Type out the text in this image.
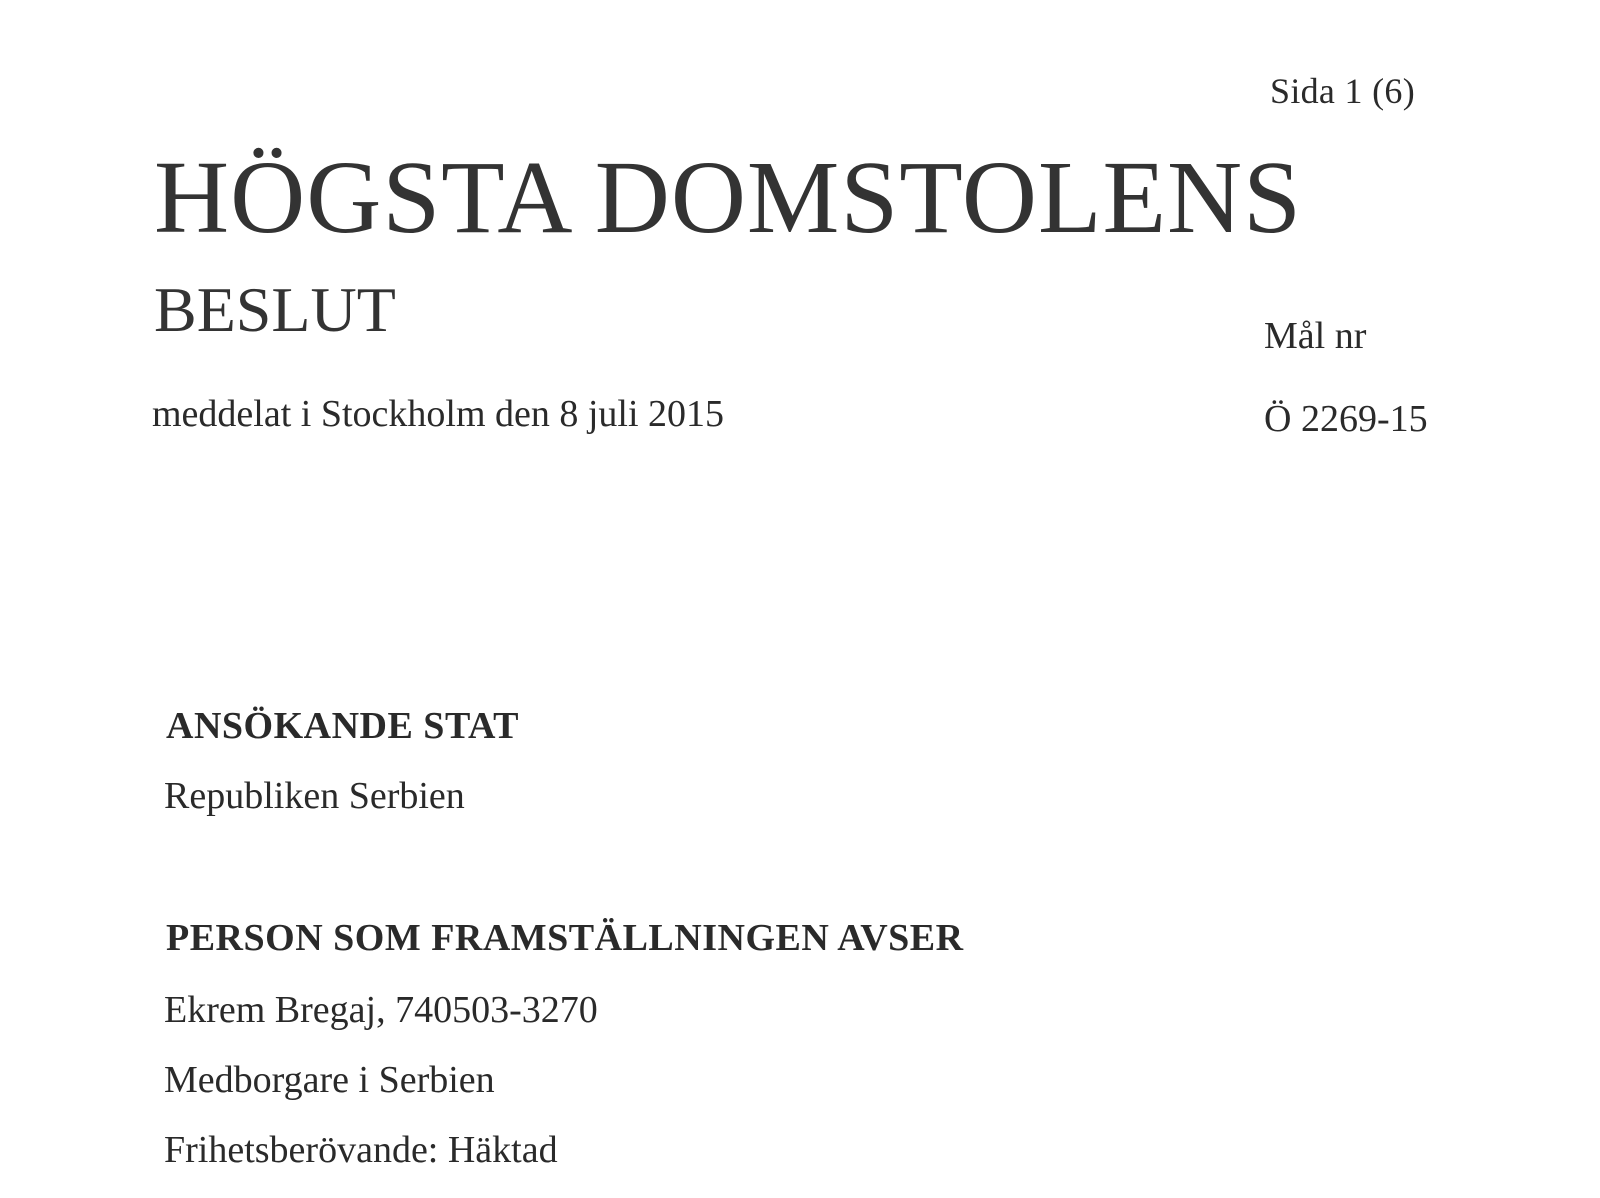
Sida 1 (6)
HÖGSTA DOMSTOLENS
BESLUT	Mål nr
meddelat i Stockholm den 8 juli 2015	Ö 2269-15
ANSÖKANDE STAT
Republiken Serbien
PERSON SOM FRAMSTÄLLNINGEN AVSER
Ekrem Bregaj, 740503-3270
Medborgare i Serbien
Frihetsberövande: Häktad
